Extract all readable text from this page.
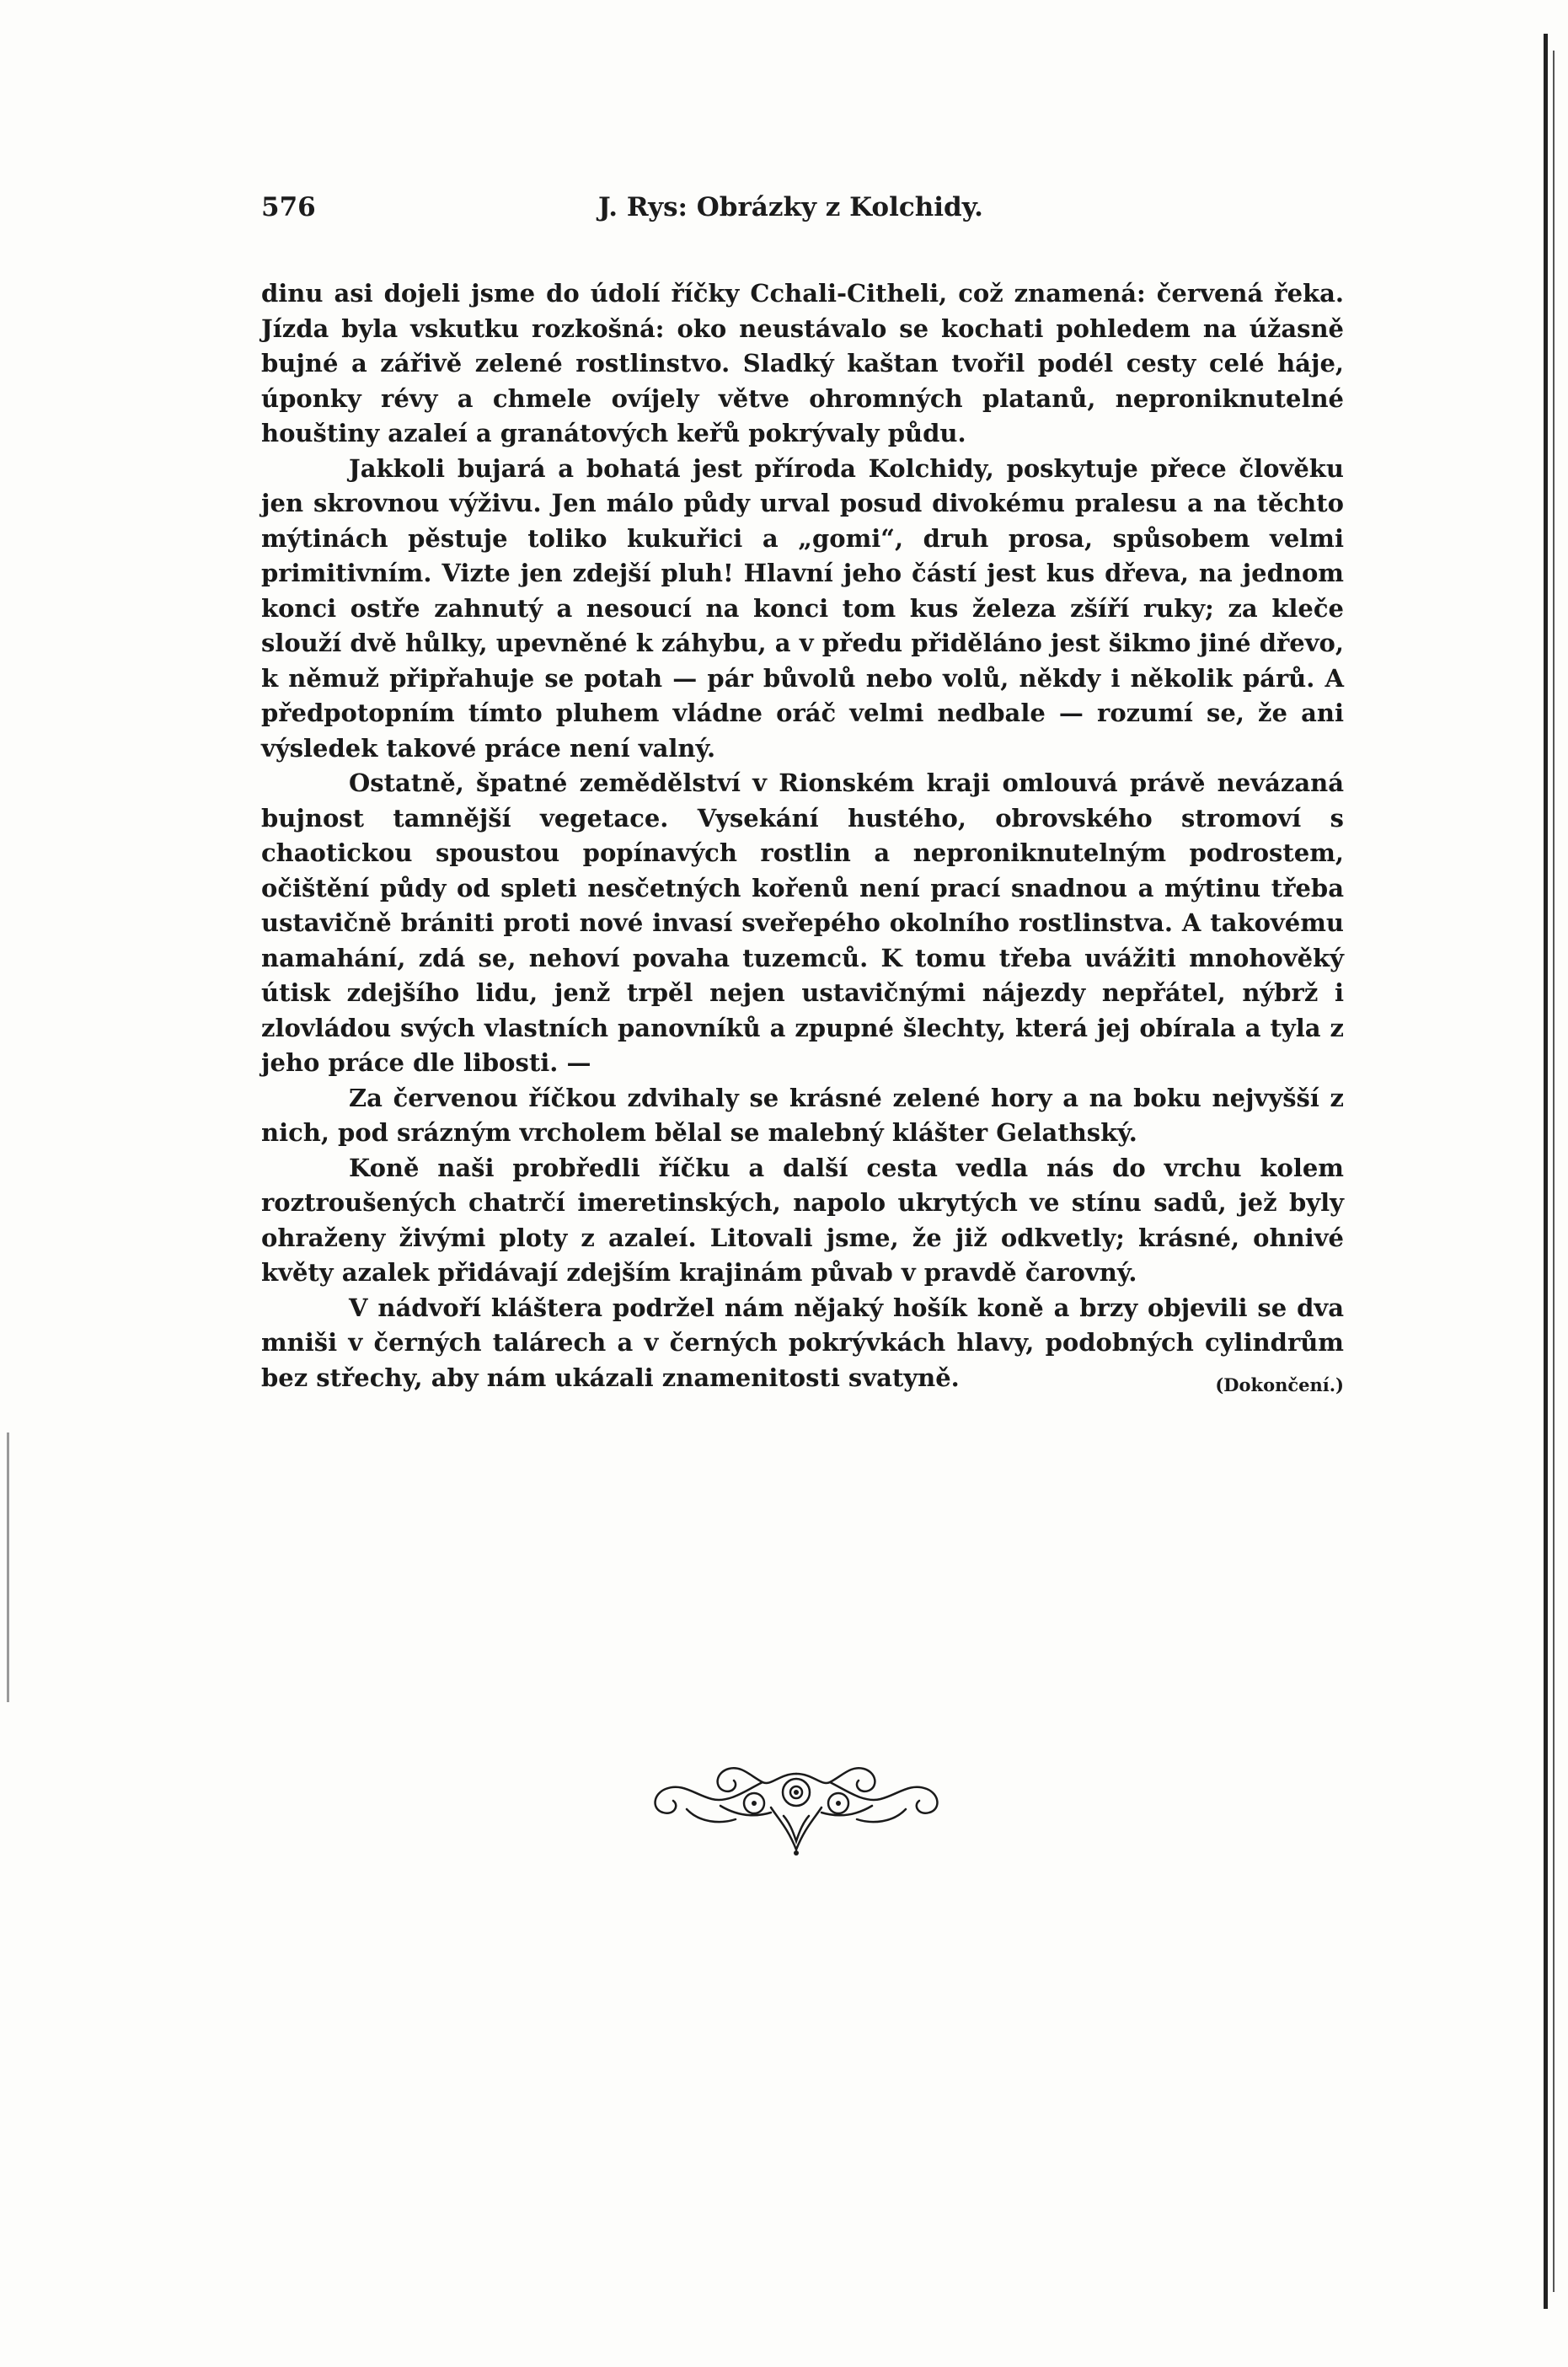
576	J. Rys: Obrázky z Kolchidy.

dinu asi dojeli jsme do údolí říčky Cchali-Citheli, což znamená: červená řeka. Jízda byla vskutku rozkošná: oko neustávalo se kochati pohledem na úžasně bujné a zářivě zelené rostlinstvo. Sladký kaštan tvořil podél cesty celé háje, úponky révy a chmele ovíjely větve ohromných platanů, neproniknutelné houštiny azaleí a granátových keřů pokrývaly půdu.

Jakkoli bujará a bohatá jest příroda Kolchidy, poskytuje přece člověku jen skrovnou výživu. Jen málo půdy urval posud divokému pralesu a na těchto mýtinách pěstuje toliko kukuřici a „gomi“, druh prosa, spůsobem velmi primitivním. Vizte jen zdejší pluh! Hlavní jeho částí jest kus dřeva, na jednom konci ostře zahnutý a nesoucí na konci tom kus železa zšíří ruky; za kleče slouží dvě hůlky, upevněné k záhybu, a v předu přiděláno jest šikmo jiné dřevo, k němuž připřahuje se potah — pár bůvolů nebo volů, někdy i několik párů. A předpotopním tímto pluhem vládne oráč velmi nedbale — rozumí se, že ani výsledek takové práce není valný.

Ostatně, špatné zemědělství v Rionském kraji omlouvá právě nevázaná bujnost tamnější vegetace. Vysekání hustého, obrovského stromoví s chaotickou spoustou popínavých rostlin a neproniknutelným podrostem, očištění půdy od spleti nesčetných kořenů není prací snadnou a mýtinu třeba ustavičně brániti proti nové invasí sveřepého okolního rostlinstva. A takovému namahání, zdá se, nehoví povaha tuzemců. K tomu třeba uvážiti mnohověký útisk zdejšího lidu, jenž trpěl nejen ustavičnými nájezdy nepřátel, nýbrž i zlovládou svých vlastních panovníků a zpupné šlechty, která jej obírala a tyla z jeho práce dle libosti. —

Za červenou říčkou zdvihaly se krásné zelené hory a na boku nejvyšší z nich, pod srázným vrcholem bělal se malebný klášter Gelathský.

Koně naši probředli říčku a další cesta vedla nás do vrchu kolem roztroušených chatrčí imeretinských, napolo ukrytých ve stínu sadů, jež byly ohraženy živými ploty z azaleí. Litovali jsme, že již odkvetly; krásné, ohnivé květy azalek přidávají zdejším krajinám půvab v pravdě čarovný.

V nádvoří kláštera podržel nám nějaký hošík koně a brzy objevili se dva mniši v černých talárech a v černých pokrývkách hlavy, podobných cylindrům bez střechy, aby nám ukázali znamenitosti svatyně.	(Dokončení.)
